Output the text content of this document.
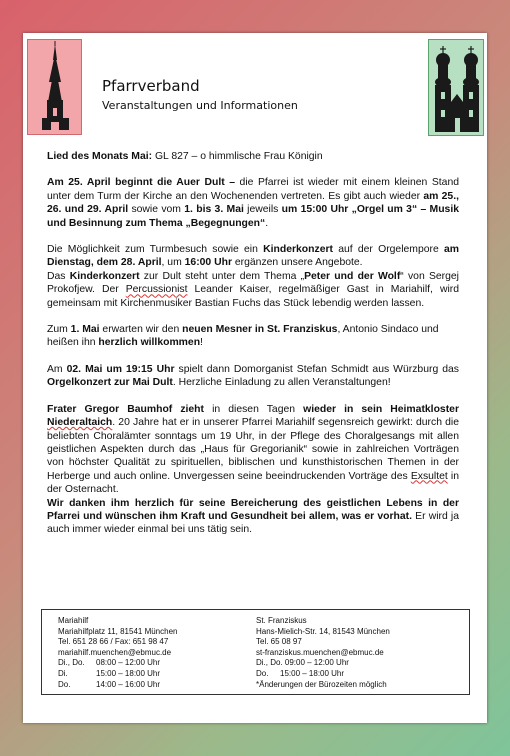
Pfarrverband
Veranstaltungen und Informationen

Lied des Monats Mai: GL 827 – o himmlische Frau Königin

Am 25. April beginnt die Auer Dult – die Pfarrei ist wieder mit einem kleinen Stand unter dem Turm der Kirche an den Wochenenden vertreten. Es gibt auch wieder am 25., 26. und 29. April sowie vom 1. bis 3. Mai jeweils um 15:00 Uhr „Orgel um 3“ – Musik und Besinnung zum Thema „Begegnungen“.

Die Möglichkeit zum Turmbesuch sowie ein Kinderkonzert auf der Orgelempore am Dienstag, dem 28. April, um 16:00 Uhr ergänzen unsere Angebote.
Das Kinderkonzert zur Dult steht unter dem Thema „Peter und der Wolf“ von Sergej Prokofjew. Der Percussionist Leander Kaiser, regelmäßiger Gast in Mariahilf, wird gemeinsam mit Kirchenmusiker Bastian Fuchs das Stück lebendig werden lassen.

Zum 1. Mai erwarten wir den neuen Mesner in St. Franziskus, Antonio Sindaco und heißen ihn herzlich willkommen!

Am 02. Mai um 19:15 Uhr spielt dann Domorganist Stefan Schmidt aus Würzburg das Orgelkonzert zur Mai Dult. Herzliche Einladung zu allen Veranstaltungen!

Frater Gregor Baumhof zieht in diesen Tagen wieder in sein Heimatkloster Niederaltaich. 20 Jahre hat er in unserer Pfarrei Mariahilf segensreich gewirkt: durch die beliebten Choralämter sonntags um 19 Uhr, in der Pflege des Choralgesangs mit allen geistlichen Aspekten durch das „Haus für Gregorianik“ sowie in zahlreichen Vorträgen von höchster Qualität zu spirituellen, biblischen und kunsthistorischen Themen in der Herberge und auch online. Unvergessen seine beeindruckenden Vorträge des Exsultet in der Osternacht.
Wir danken ihm herzlich für seine Bereicherung des geistlichen Lebens in der Pfarrei und wünschen ihm Kraft und Gesundheit bei allem, was er vorhat. Er wird ja auch immer wieder einmal bei uns tätig sein.

Mariahilf
Mariahilfplatz 11, 81541 München
Tel. 651 28 66 / Fax: 651 98 47
mariahilf.muenchen@ebmuc.de
Di., Do.	08:00 – 12:00 Uhr
Di.	15:00 – 18:00 Uhr
Do.	14:00 – 16:00 Uhr
St. Franziskus
Hans-Mielich-Str. 14, 81543 München
Tel. 65 08 97
st-franziskus.muenchen@ebmuc.de
Di., Do. 09:00 – 12:00 Uhr
Do.	15:00 – 18:00 Uhr
*Änderungen der Bürozeiten möglich
